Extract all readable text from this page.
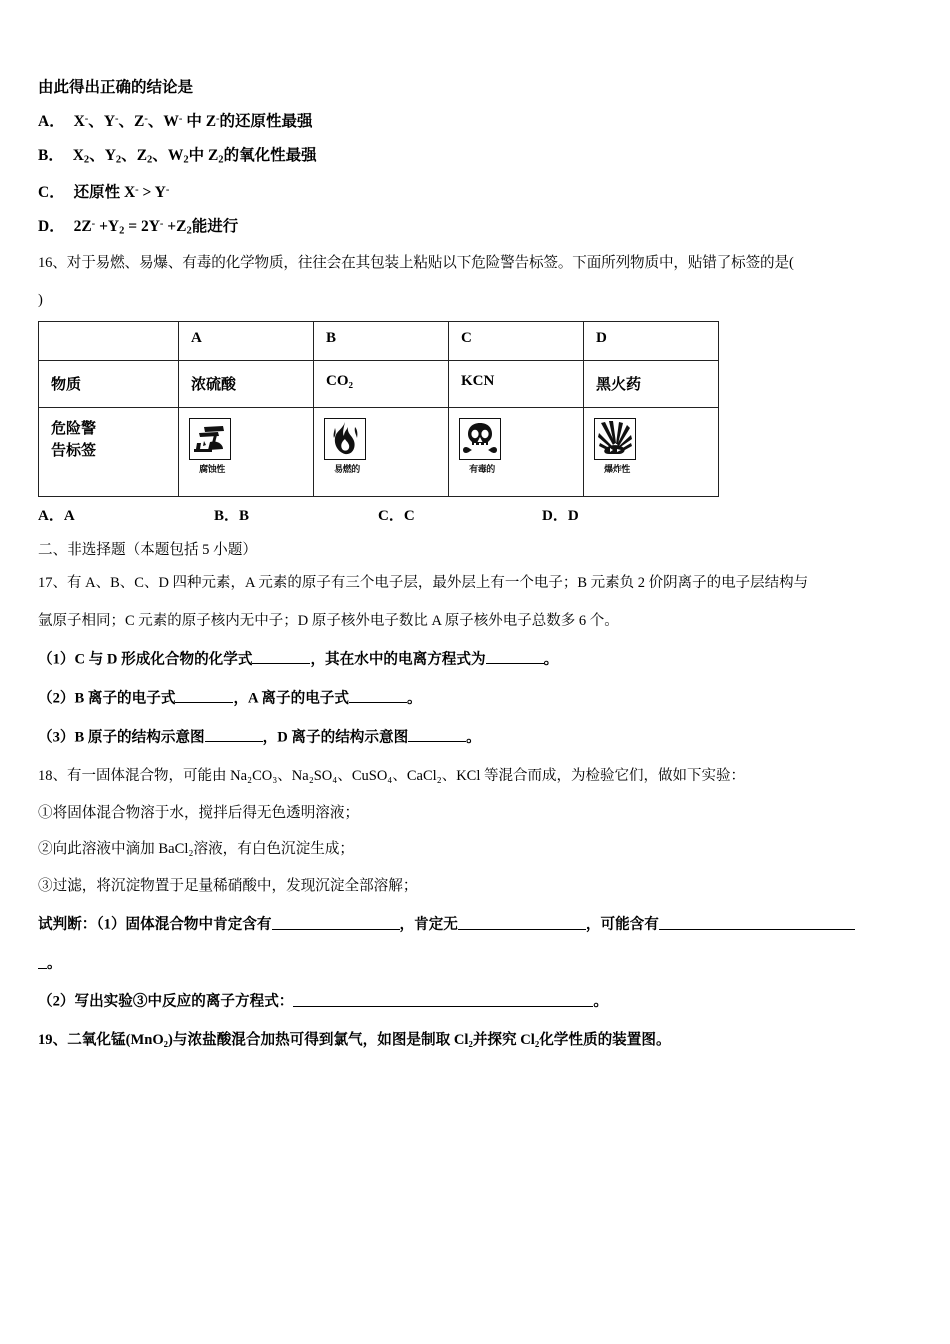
由此得出正确的结论是

A． X-、Y-、Z-、W- 中 Z-的还原性最强

B． $X_2$、$Y_2$、$Z_2$、$W_2$中 $Z_2$的氧化性最强

C． 还原性 X- > Y-

D． $2Z^- +Y_2 = 2Y^- +Z_2$能进行

16、对于易燃、易爆、有毒的化学物质，往往会在其包装上粘贴以下危险警告标签。下面所列物质中，贴错了标签的是(

)

	A	B	C	D

物质	浓硫酸	CO₂	KCN	黑火药

危险警
告标签	腐蚀性	易燃的	有毒的	爆炸性
A．A	B．B	C．C	D．D

二、非选择题（本题包括 5 小题）

17、有 A、B、C、D 四种元素，A 元素的原子有三个电子层，最外层上有一个电子；B 元素负 2 价阴离子的电子层结构与

氩原子相同；C 元素的原子核内无中子；D 原子核外电子数比 A 原子核外电子总数多 6 个。

（1）C 与 D 形成化合物的化学式	，其在水中的电离方程式为	。

（2）B 离子的电子式	，A 离子的电子式	。

（3）B 原子的结构示意图	，D 离子的结构示意图	。

18、有一固体混合物，可能由 Na₂CO₃、Na₂SO₄、CuSO₄、CaCl₂、KCl 等混合而成，为检验它们，做如下实验：

①将固体混合物溶于水，搅拌后得无色透明溶液；

②向此溶液中滴加 BaCl₂溶液，有白色沉淀生成；

③过滤，将沉淀物置于足量稀硝酸中，发现沉淀全部溶解；

试判断：（1）固体混合物中肯定含有	，肯定无	，可能含有

。

（2）写出实验③中反应的离子方程式：	。

19、二氧化锰(MnO₂)与浓盐酸混合加热可得到氯气，如图是制取 Cl₂并探究 Cl₂化学性质的装置图。
